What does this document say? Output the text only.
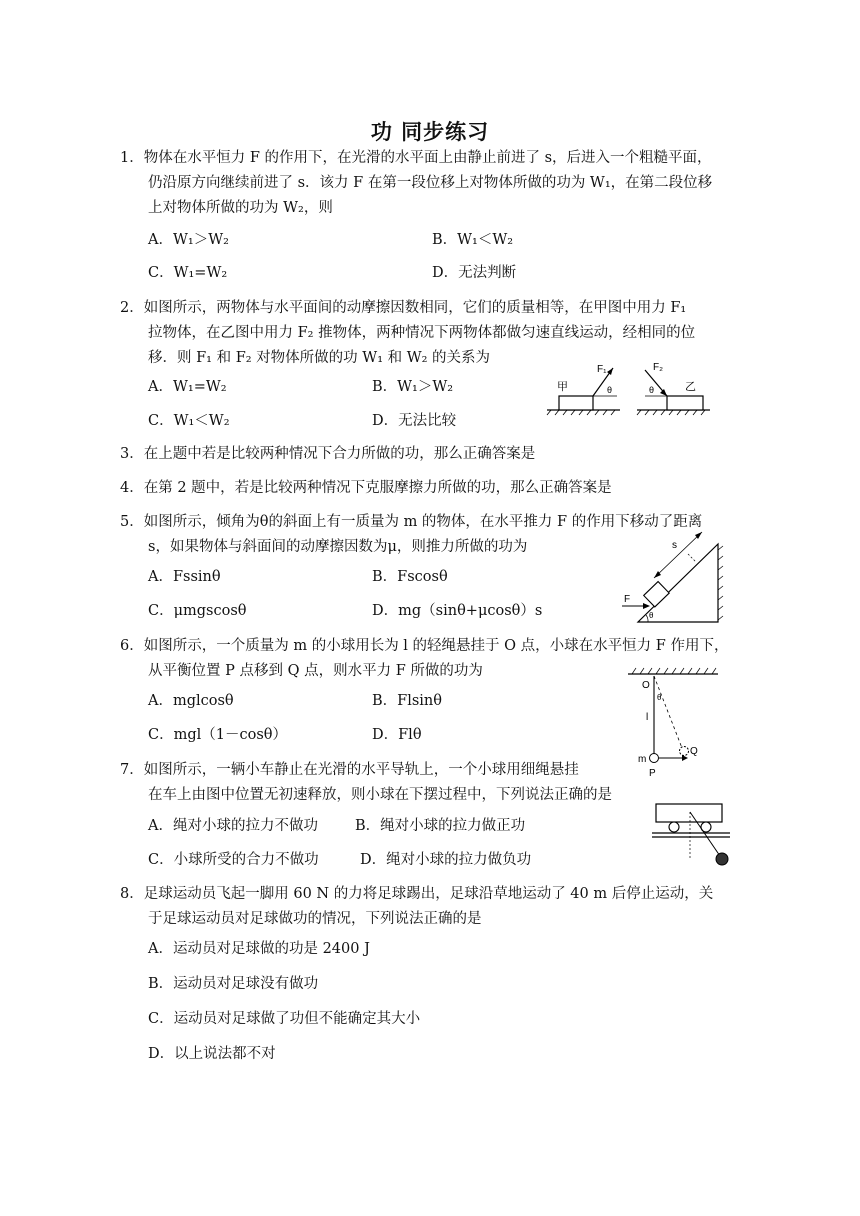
功 同步练习
1．物体在水平恒力 F 的作用下，在光滑的水平面上由静止前进了 s，后进入一个粗糙平面，
仍沿原方向继续前进了 s．该力 F 在第一段位移上对物体所做的功为 W₁，在第二段位移
上对物体所做的功为 W₂，则
A．W₁＞W₂	B．W₁＜W₂
C．W₁=W₂	D．无法判断
2．如图所示，两物体与水平面间的动摩擦因数相同，它们的质量相等，在甲图中用力 F₁
拉物体，在乙图中用力 F₂ 推物体，两种情况下两物体都做匀速直线运动，经相同的位
移．则 F₁ 和 F₂ 对物体所做的功 W₁ 和 W₂ 的关系为
A．W₁=W₂	B．W₁＞W₂
C．W₁＜W₂	D．无法比较
甲
F₁
θ
F₂
θ	乙
3．在上题中若是比较两种情况下合力所做的功，那么正确答案是
4．在第 2 题中，若是比较两种情况下克服摩擦力所做的功，那么正确答案是
5．如图所示，倾角为θ的斜面上有一质量为 m 的物体，在水平推力 F 的作用下移动了距离
s，如果物体与斜面间的动摩擦因数为μ，则推力所做的功为
A．Fssinθ	B．Fscosθ
C．μmgscosθ	D．mg（sinθ+μcosθ）s
F
s
θ
6．如图所示，一个质量为 m 的小球用长为 l 的轻绳悬挂于 O 点，小球在水平恒力 F 作用下，
从平衡位置 P 点移到 Q 点，则水平力 F 所做的功为
A．mglcosθ	B．Flsinθ
C．mgl（1－cosθ）	D．Flθ
O
θ
l
Q
m
P
7．如图所示，一辆小车静止在光滑的水平导轨上，一个小球用细绳悬挂
在车上由图中位置无初速释放，则小球在下摆过程中，下列说法正确的是
A．绳对小球的拉力不做功	B．绳对小球的拉力做正功
C．小球所受的合力不做功	D．绳对小球的拉力做负功
8．足球运动员飞起一脚用 60 N 的力将足球踢出，足球沿草地运动了 40 m 后停止运动，关
于足球运动员对足球做功的情况，下列说法正确的是
A．运动员对足球做的功是 2400 J
B．运动员对足球没有做功
C．运动员对足球做了功但不能确定其大小
D．以上说法都不对
